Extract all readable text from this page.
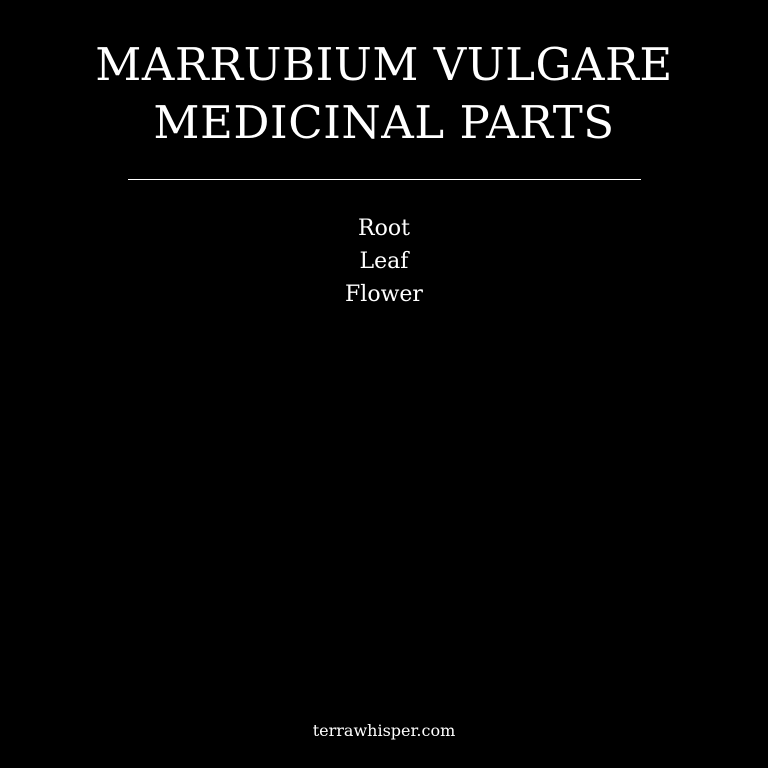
MARRUBIUM VULGARE
MEDICINAL PARTS
Root
Leaf
Flower
terrawhisper.com
